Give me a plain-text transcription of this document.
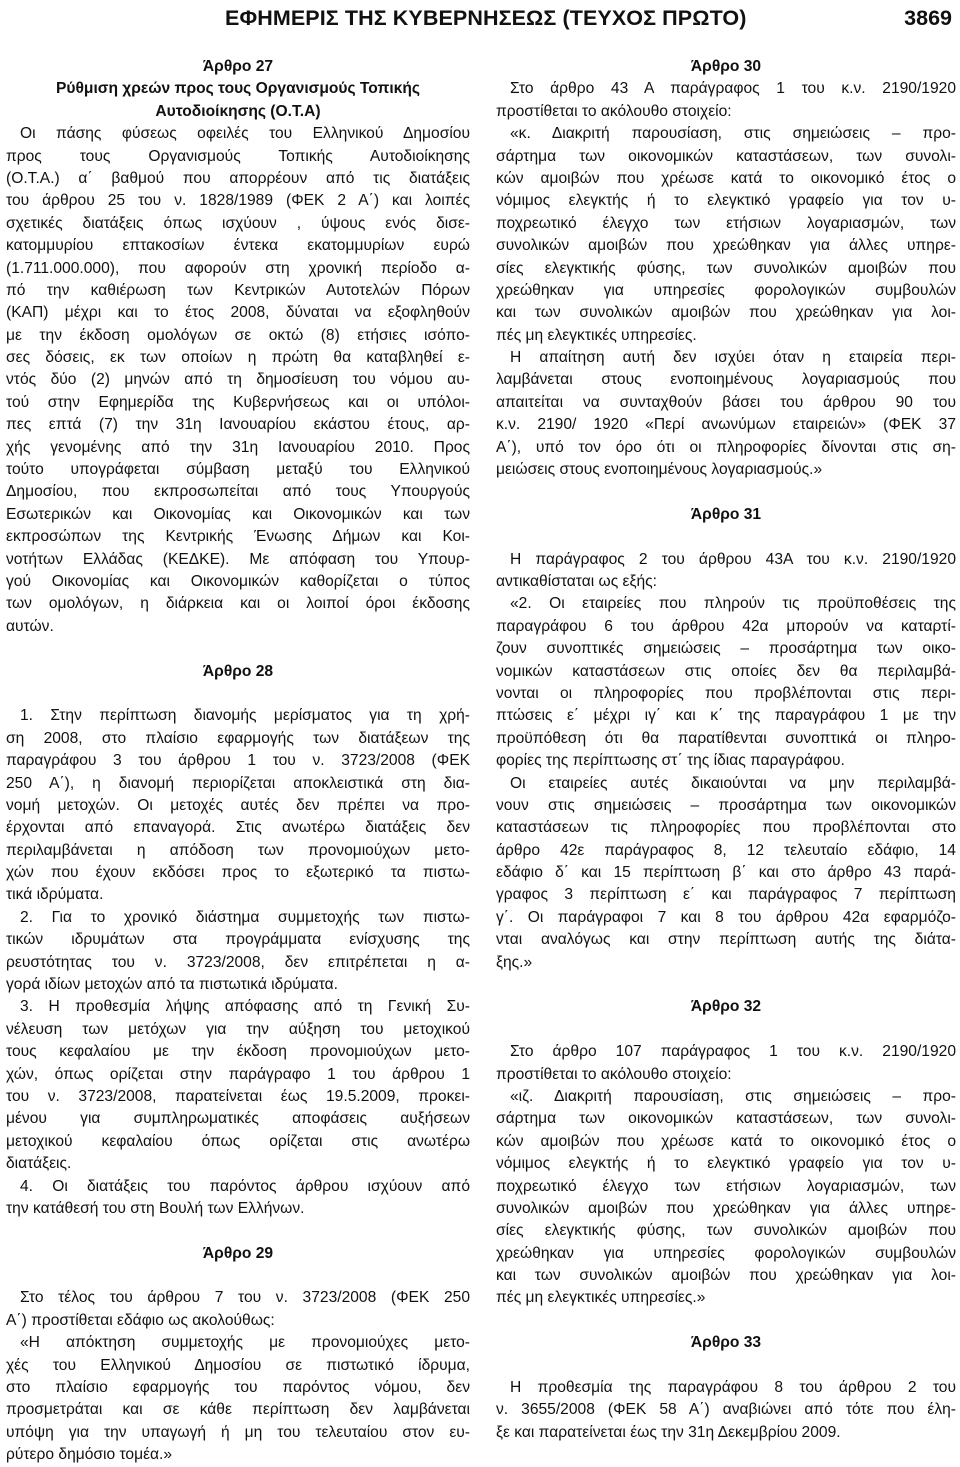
ΕΦΗΜΕΡΙΣ ΤΗΣ ΚΥΒΕΡΝΗΣΕΩΣ (ΤΕΥΧΟΣ ΠΡΩΤΟ)	3869
Άρθρο 27
Ρύθμιση χρεών προς τους Οργανισμούς Τοπικής
Αυτοδιοίκησης (Ο.Τ.Α)
Οι πάσης φύσεως οφειλές του Ελληνικού Δημοσίου
προς τους Οργανισμούς Τοπικής Αυτοδιοίκησης
(Ο.Τ.Α.) α΄ βαθμού που απορρέουν από τις διατάξεις
του άρθρου 25 του ν. 1828/1989 (ΦΕΚ 2 Α΄) και λοιπές
σχετικές διατάξεις όπως ισχύουν , ύψους ενός δισε-
κατομμυρίου επτακοσίων έντεκα εκατομμυρίων ευρώ
(1.711.000.000), που αφορούν στη χρονική περίοδο α-
πό την καθιέρωση των Κεντρικών Αυτοτελών Πόρων
(ΚΑΠ) μέχρι και το έτος 2008, δύναται να εξοφληθούν
με την έκδοση ομολόγων σε οκτώ (8) ετήσιες ισόπο-
σες δόσεις, εκ των οποίων η πρώτη θα καταβληθεί ε-
ντός δύο (2) μηνών από τη δημοσίευση του νόμου αυ-
τού στην Εφημερίδα της Κυβερνήσεως και οι υπόλοι-
πες επτά (7) την 31η Ιανουαρίου εκάστου έτους, αρ-
χής γενομένης από την 31η Ιανουαρίου 2010. Προς
τούτο υπογράφεται σύμβαση μεταξύ του Ελληνικού
Δημοσίου, που εκπροσωπείται από τους Υπουργούς
Εσωτερικών και Οικονομίας και Οικονομικών και των
εκπροσώπων της Κεντρικής Ένωσης Δήμων και Κοι-
νοτήτων Ελλάδας (ΚΕΔΚΕ). Με απόφαση του Υπουρ-
γού Οικονομίας και Οικονομικών καθορίζεται ο τύπος
των ομολόγων, η διάρκεια και οι λοιποί όροι έκδοσης
αυτών.
Άρθρο 28
1. Στην περίπτωση διανομής μερίσματος για τη χρή-
ση 2008, στο πλαίσιο εφαρμογής των διατάξεων της
παραγράφου 3 του άρθρου 1 του ν. 3723/2008 (ΦΕΚ
250 Α΄), η διανομή περιορίζεται αποκλειστικά στη δια-
νομή μετοχών. Οι μετοχές αυτές δεν πρέπει να προ-
έρχονται από επαναγορά. Στις ανωτέρω διατάξεις δεν
περιλαμβάνεται η απόδοση των προνομιούχων μετο-
χών που έχουν εκδόσει προς το εξωτερικό τα πιστω-
τικά ιδρύματα.
2. Για το χρονικό διάστημα συμμετοχής των πιστω-
τικών ιδρυμάτων στα προγράμματα ενίσχυσης της
ρευστότητας του ν. 3723/2008, δεν επιτρέπεται η α-
γορά ιδίων μετοχών από τα πιστωτικά ιδρύματα.
3. Η προθεσμία λήψης απόφασης από τη Γενική Συ-
νέλευση των μετόχων για την αύξηση του μετοχικού
τους κεφαλαίου με την έκδοση προνομιούχων μετο-
χών, όπως ορίζεται στην παράγραφο 1 του άρθρου 1
του ν. 3723/2008, παρατείνεται έως 19.5.2009, προκει-
μένου για συμπληρωματικές αποφάσεις αυξήσεων
μετοχικού κεφαλαίου όπως ορίζεται στις ανωτέρω
διατάξεις.
4. Οι διατάξεις του παρόντος άρθρου ισχύουν από
την κατάθεσή του στη Βουλή των Ελλήνων.
Άρθρο 29
Στο τέλος του άρθρου 7 του ν. 3723/2008 (ΦΕΚ 250
Α΄) προστίθεται εδάφιο ως ακολούθως:
«Η απόκτηση συμμετοχής με προνομιούχες μετο-
χές του Ελληνικού Δημοσίου σε πιστωτικό ίδρυμα,
στο πλαίσιο εφαρμογής του παρόντος νόμου, δεν
προσμετράται και σε κάθε περίπτωση δεν λαμβάνεται
υπόψη για την υπαγωγή ή μη του τελευταίου στον ευ-
ρύτερο δημόσιο τομέα.»
Άρθρο 30
Στο άρθρο 43 Α παράγραφος 1 του κ.ν. 2190/1920
προστίθεται το ακόλουθο στοιχείο:
«κ. Διακριτή παρουσίαση, στις σημειώσεις – προ-
σάρτημα των οικονομικών καταστάσεων, των συνολι-
κών αμοιβών που χρέωσε κατά το οικονομικό έτος ο
νόμιμος ελεγκτής ή το ελεγκτικό γραφείο για τον υ-
ποχρεωτικό έλεγχο των ετήσιων λογαριασμών, των
συνολικών αμοιβών που χρεώθηκαν για άλλες υπηρε-
σίες ελεγκτικής φύσης, των συνολικών αμοιβών που
χρεώθηκαν για υπηρεσίες φορολογικών συμβουλών
και των συνολικών αμοιβών που χρεώθηκαν για λοι-
πές μη ελεγκτικές υπηρεσίες.
Η απαίτηση αυτή δεν ισχύει όταν η εταιρεία περι-
λαμβάνεται στους ενοποιημένους λογαριασμούς που
απαιτείται να συνταχθούν βάσει του άρθρου 90 του
κ.ν. 2190/ 1920 «Περί ανωνύμων εταιρειών» (ΦΕΚ 37
Α΄), υπό τον όρο ότι οι πληροφορίες δίνονται στις ση-
μειώσεις στους ενοποιημένους λογαριασμούς.»
Άρθρο 31
Η παράγραφος 2 του άρθρου 43Α του κ.ν. 2190/1920
αντικαθίσταται ως εξής:
«2. Οι εταιρείες που πληρούν τις προϋποθέσεις της
παραγράφου 6 του άρθρου 42α μπορούν να καταρτί-
ζουν συνοπτικές σημειώσεις – προσάρτημα των οικο-
νομικών καταστάσεων στις οποίες δεν θα περιλαμβά-
νονται οι πληροφορίες που προβλέπονται στις περι-
πτώσεις ε΄ μέχρι ιγ΄ και κ΄ της παραγράφου 1 με την
προϋπόθεση ότι θα παρατίθενται συνοπτικά οι πληρο-
φορίες της περίπτωσης στ΄ της ίδιας παραγράφου.
Οι εταιρείες αυτές δικαιούνται να μην περιλαμβά-
νουν στις σημειώσεις – προσάρτημα των οικονομικών
καταστάσεων τις πληροφορίες που προβλέπονται στο
άρθρο 42ε παράγραφος 8, 12 τελευταίο εδάφιο, 14
εδάφιο δ΄ και 15 περίπτωση β΄ και στο άρθρο 43 παρά-
γραφος 3 περίπτωση ε΄ και παράγραφος 7 περίπτωση
γ΄. Οι παράγραφοι 7 και 8 του άρθρου 42α εφαρμόζο-
νται αναλόγως και στην περίπτωση αυτής της διάτα-
ξης.»
Άρθρο 32
Στο άρθρο 107 παράγραφος 1 του κ.ν. 2190/1920
προστίθεται το ακόλουθο στοιχείο:
«ιζ. Διακριτή παρουσίαση, στις σημειώσεις – προ-
σάρτημα των οικονομικών καταστάσεων, των συνολι-
κών αμοιβών που χρέωσε κατά το οικονομικό έτος ο
νόμιμος ελεγκτής ή το ελεγκτικό γραφείο για τον υ-
ποχρεωτικό έλεγχο των ετήσιων λογαριασμών, των
συνολικών αμοιβών που χρεώθηκαν για άλλες υπηρε-
σίες ελεγκτικής φύσης, των συνολικών αμοιβών που
χρεώθηκαν για υπηρεσίες φορολογικών συμβουλών
και των συνολικών αμοιβών που χρεώθηκαν για λοι-
πές μη ελεγκτικές υπηρεσίες.»
Άρθρο 33
Η προθεσμία της παραγράφου 8 του άρθρου 2 του
ν. 3655/2008 (ΦΕΚ 58 Α΄) αναβιώνει από τότε που έλη-
ξε και παρατείνεται έως την 31η Δεκεμβρίου 2009.
